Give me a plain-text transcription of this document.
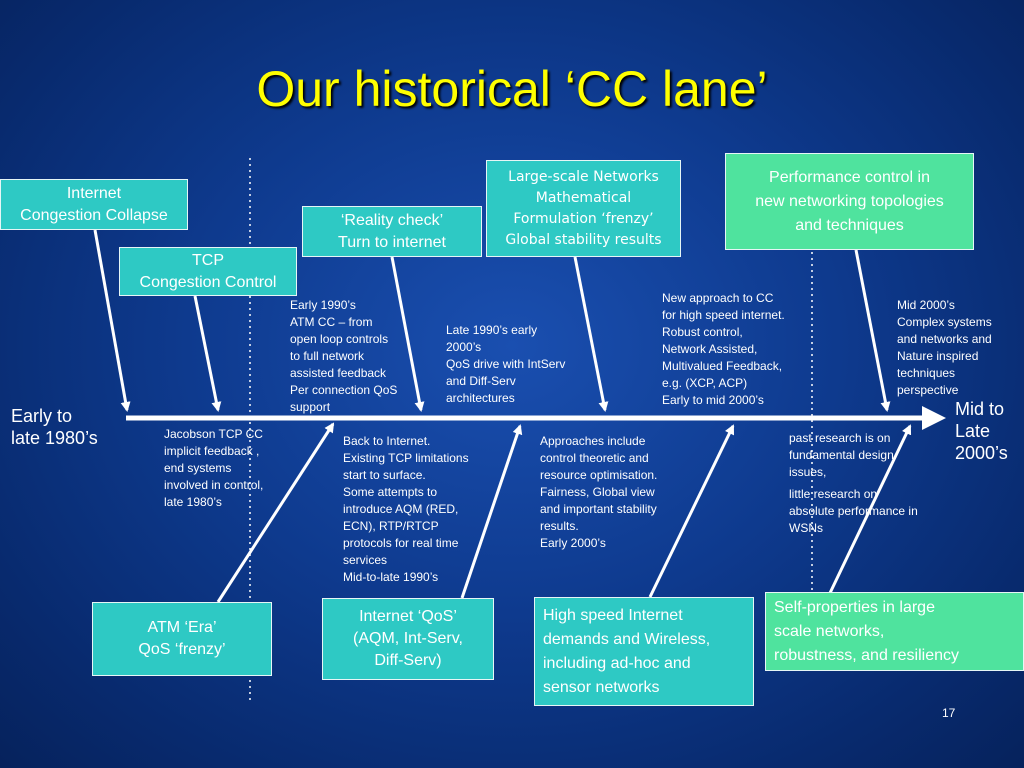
Our historical ‘CC lane’
Internet
Congestion Collapse
TCP
Congestion Control
‘Reality check’
Turn to internet
Large-scale Networks
Mathematical
Formulation ‘frenzy’
Global stability results
Performance control in
new networking topologies
and techniques
Early to
late 1980’s
Mid to
Late
2000’s
Early 1990’s
ATM CC – from
open loop controls
to full network
assisted feedback
Per connection QoS
support
Late 1990’s early
2000’s
QoS drive with IntServ
and Diff-Serv
architectures
New approach to CC
for high speed internet.
Robust control,
Network Assisted,
Multivalued Feedback,
e.g. (XCP, ACP)
Early to mid 2000’s
Mid 2000’s
Complex systems
and networks and
Nature inspired
techniques
perspective
Jacobson TCP CC
implicit feedback ,
end systems
involved in control,
late 1980’s
Back to Internet.
Existing TCP limitations
start to surface.
Some attempts to
introduce AQM (RED,
ECN), RTP/RTCP
protocols for real time
services
Mid-to-late 1990’s
Approaches include
control theoretic and
resource optimisation.
Fairness, Global view
and important stability
results.
Early 2000’s
past research is on
fundamental design
issues,
little research on
absolute performance in
WSNs
ATM ‘Era’
QoS ‘frenzy’
Internet ‘QoS’
(AQM, Int-Serv,
Diff-Serv)
High speed Internet
demands and Wireless,
including ad-hoc and
sensor networks
Self-properties in large
scale networks,
robustness, and resiliency
17
